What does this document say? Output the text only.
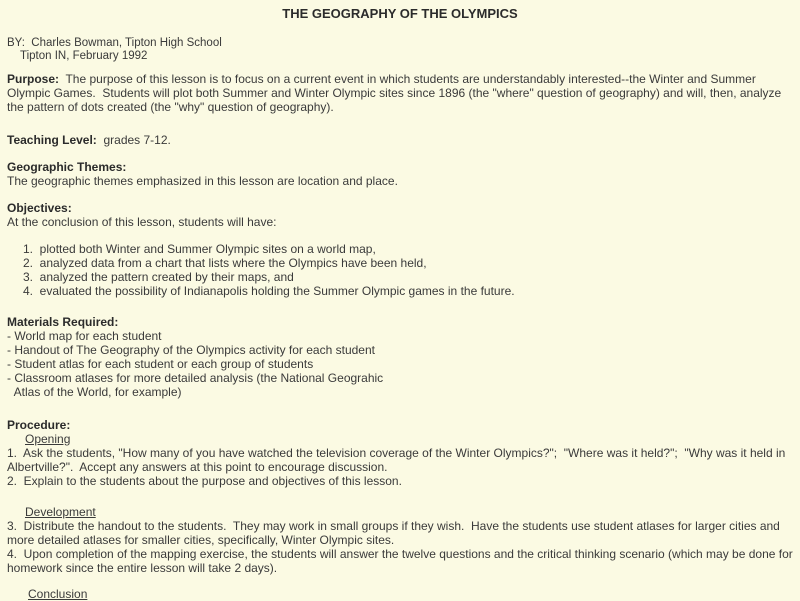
THE GEOGRAPHY OF THE OLYMPICS
BY:  Charles Bowman, Tipton High School
Tipton IN, February 1992

Purpose:  The purpose of this lesson is to focus on a current event in which students are understandably interested--the Winter and Summer Olympic Games.  Students will plot both Summer and Winter Olympic sites since 1896 (the "where" question of geography) and will, then, analyze the pattern of dots created (the "why" question of geography).

Teaching Level:  grades 7-12.

Geographic Themes:
The geographic themes emphasized in this lesson are location and place.
Objectives:
At the conclusion of this lesson, students will have:
1.  plotted both Winter and Summer Olympic sites on a world map,
2.  analyzed data from a chart that lists where the Olympics have been held,
3.  analyzed the pattern created by their maps, and
4.  evaluated the possibility of Indianapolis holding the Summer Olympic games in the future.
Materials Required:
- World map for each student
- Handout of The Geography of the Olympics activity for each student
- Student atlas for each student or each group of students
- Classroom atlases for more detailed analysis (the National Geograhic
Atlas of the World, for example)
Procedure:
Opening
1.  Ask the students, "How many of you have watched the television coverage of the Winter Olympics?";  "Where was it held?";  "Why was it held in Albertville?".  Accept any answers at this point to encourage discussion.
2.  Explain to the students about the purpose and objectives of this lesson.
Development
3.  Distribute the handout to the students.  They may work in small groups if they wish.  Have the students use student atlases for larger cities and more detailed atlases for smaller cities, specifically, Winter Olympic sites.
4.  Upon completion of the mapping exercise, the students will answer the twelve questions and the critical thinking scenario (which may be done for homework since the entire lesson will take 2 days).
Conclusion
